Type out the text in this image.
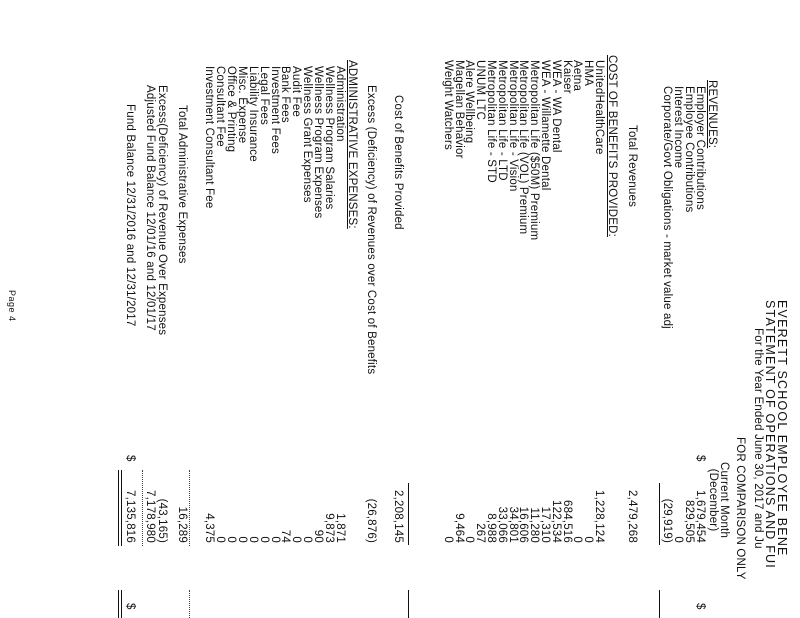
EVERETT SCHOOL EMPLOYEE BENE
STATEMENT OF OPERATIONS AND FUI
For the Year Ended June 30, 2017 and Ju
FOR COMPARISON ONLY
Current Month
(December)
REVENUES:
Employer Contributions
Employee Contributions
Interest Income
Corporate/Govt Obligations - market value adj
$
1,679,454
829,505
0
(29,919)
$
Total Revenues
2,479,268
COST OF BENEFITS PROVIDED:
UnitedHealthCare
1,228,124
HMA
0
Aetna
0
Kaiser
684,516
WEA - WA Dental
122,534
WEA - Willamette Dental
17,310
Metropolitan Life ($50M) Premium
11,280
Metropolitan Life (VOL) Premium
16,606
Metropolitan Life - Vision
34,801
Metropolitan Life - LTD
33,066
Metropolitan Life - STD
8,988
UNUM LTC
267
Alere Wellbeing
0
Magellan Behavior
9,464
Weight Watchers
0
Cost of Benefits Provided
2,208,145
Excess (Deficiency) of Revenues over Cost of Benefits
(26,876)
ADMINISTRATIVE EXPENSES:
Administration
1,871
Wellness Program Salaries
9,873
Wellness Program Expenses
90
Wellness Grant Expenses
0
Audit Fee
0
Bank Fees
74
Investment Fees
0
Legal Fees
0
Liability Insurance
0
Misc. Expense
0
Office & Printing
0
Consultant Fee
0
Investment Consultant Fee
4,375
Total Administrative Expenses
16,289
Excess(Deficiency) of Revenue Over Expenses
(43,165)
Adjusted Fund Balance 12/01/16 and 12/01/17
7,178,980
Fund Balance 12/31/2016 and 12/31/2017
$
7,135,816
$
Page 4
